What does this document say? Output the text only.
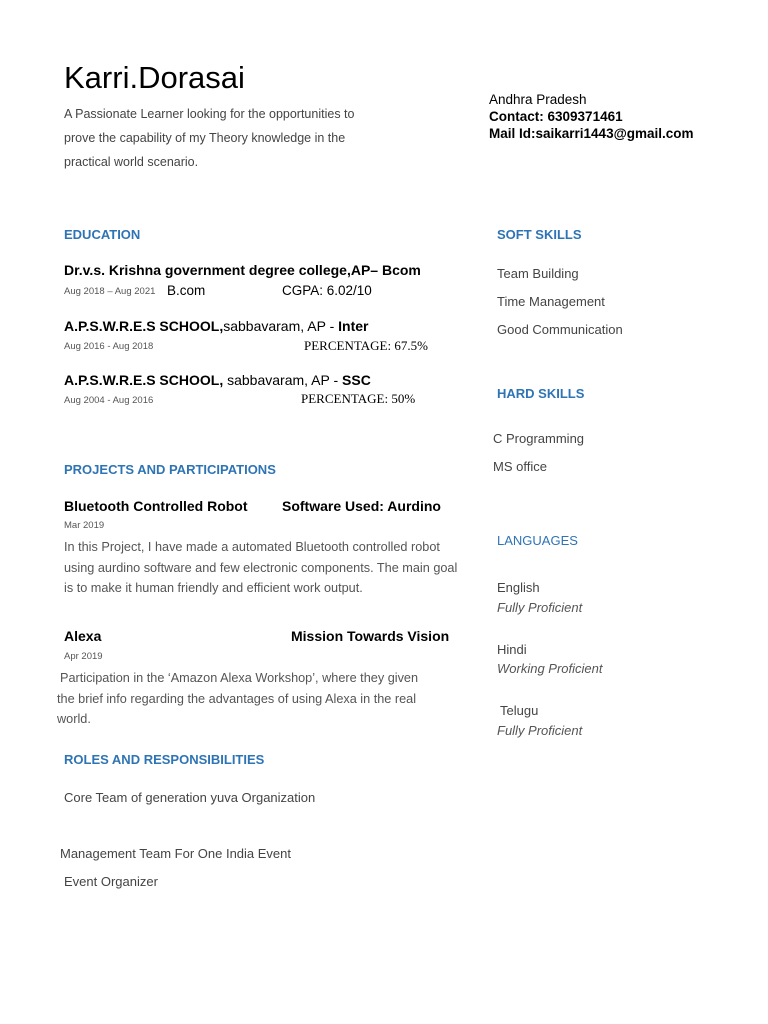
Karri.Dorasai
A Passionate Learner looking for the opportunities to prove the capability of my Theory knowledge in the practical world scenario.
Andhra Pradesh
Contact: 6309371461
Mail Id:saikarri1443@gmail.com
EDUCATION
Dr.v.s. Krishna government degree college,AP– Bcom
Aug 2018 – Aug 2021 B.com	CGPA: 6.02/10
A.P.S.W.R.E.S SCHOOL,sabbavaram, AP - Inter
Aug 2016 - Aug 2018	PERCENTAGE: 67.5%
A.P.S.W.R.E.S SCHOOL, sabbavaram, AP - SSC
Aug 2004 - Aug 2016	PERCENTAGE: 50%
PROJECTS AND PARTICIPATIONS
Bluetooth Controlled Robot Software Used: Aurdino
Mar 2019
In this Project, I have made a automated Bluetooth controlled robot using aurdino software and few electronic components. The main goal is to make it human friendly and efficient work output.
Alexa	Mission Towards Vision
Apr 2019
Participation in the ‘Amazon Alexa Workshop’, where they given
the brief info regarding the advantages of using Alexa in the real world.
ROLES AND RESPONSIBILITIES
Core Team of generation yuva Organization
Management Team For One India Event
Event Organizer
SOFT SKILLS
Team Building
Time Management
Good Communication
HARD SKILLS
C Programming
MS office
LANGUAGES
English
Fully Proficient
Hindi
Working Proficient
Telugu
Fully Proficient
